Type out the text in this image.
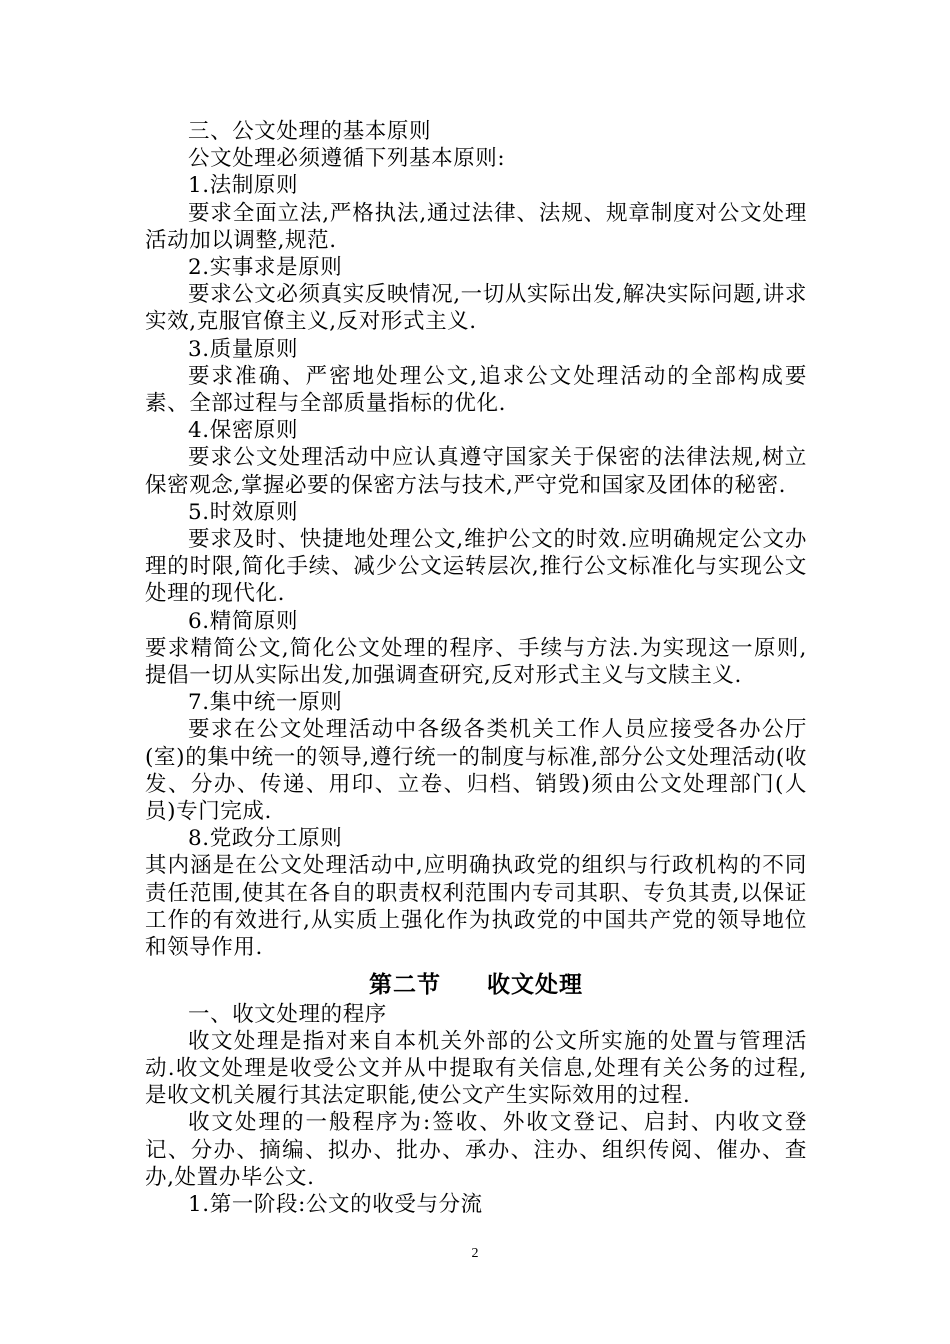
三、公文处理的基本原则

公文处理必须遵循下列基本原则:

1.法制原则

要求全面立法,严格执法,通过法律、法规、规章制度对公文处理活动加以调整,规范.

2.实事求是原则

要求公文必须真实反映情况,一切从实际出发,解决实际问题,讲求实效,克服官僚主义,反对形式主义.

3.质量原则

要求准确、严密地处理公文,追求公文处理活动的全部构成要素、全部过程与全部质量指标的优化.

4.保密原则

要求公文处理活动中应认真遵守国家关于保密的法律法规,树立保密观念,掌握必要的保密方法与技术,严守党和国家及团体的秘密.

5.时效原则

要求及时、快捷地处理公文,维护公文的时效.应明确规定公文办理的时限,简化手续、减少公文运转层次,推行公文标准化与实现公文处理的现代化.

6.精简原则

要求精简公文,简化公文处理的程序、手续与方法.为实现这一原则,提倡一切从实际出发,加强调查研究,反对形式主义与文牍主义.

7.集中统一原则

要求在公文处理活动中各级各类机关工作人员应接受各办公厅(室)的集中统一的领导,遵行统一的制度与标准,部分公文处理活动(收发、分办、传递、用印、立卷、归档、销毁)须由公文处理部门(人员)专门完成.

8.党政分工原则

其内涵是在公文处理活动中,应明确执政党的组织与行政机构的不同责任范围,使其在各自的职责权利范围内专司其职、专负其责,以保证工作的有效进行,从实质上强化作为执政党的中国共产党的领导地位和领导作用.

第二节 收文处理

一、收文处理的程序

收文处理是指对来自本机关外部的公文所实施的处置与管理活动.收文处理是收受公文并从中提取有关信息,处理有关公务的过程,是收文机关履行其法定职能,使公文产生实际效用的过程.

收文处理的一般程序为:签收、外收文登记、启封、内收文登记、分办、摘编、拟办、批办、承办、注办、组织传阅、催办、查办,处置办毕公文.

1.第一阶段:公文的收受与分流

2
